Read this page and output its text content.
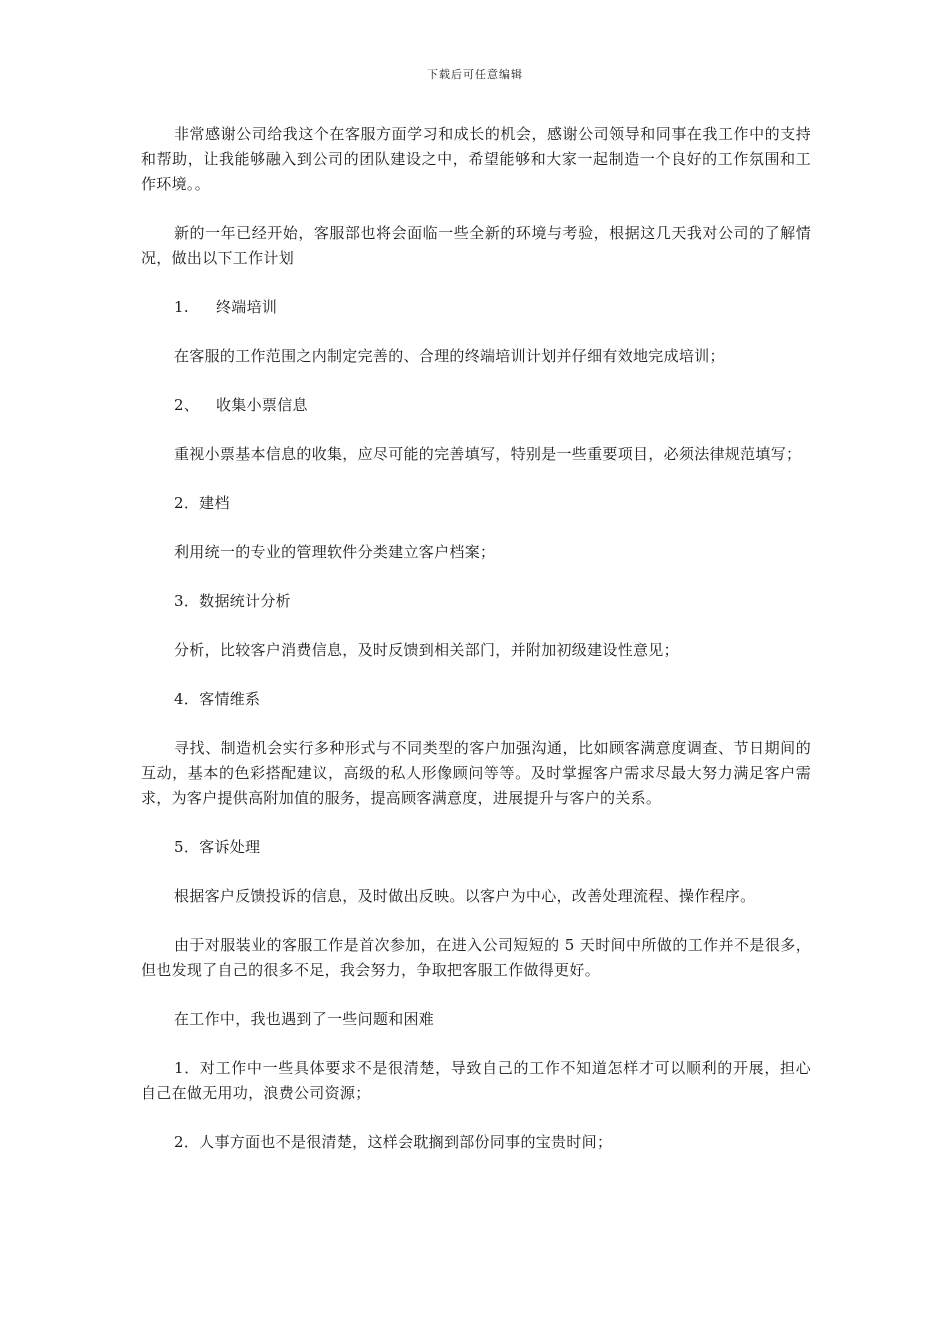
下载后可任意编辑

非常感谢公司给我这个在客服方面学习和成长的机会，感谢公司领导和同事在我工作中的支持和帮助，让我能够融入到公司的团队建设之中，希望能够和大家一起制造一个良好的工作氛围和工作环境。。

新的一年已经开始，客服部也将会面临一些全新的环境与考验，根据这几天我对公司的了解情况，做出以下工作计划

1. 终端培训

在客服的工作范围之内制定完善的、合理的终端培训计划并仔细有效地完成培训；

2、 收集小票信息

重视小票基本信息的收集，应尽可能的完善填写，特别是一些重要项目，必须法律规范填写；

2．建档

利用统一的专业的管理软件分类建立客户档案；

3．数据统计分析

分析，比较客户消费信息，及时反馈到相关部门，并附加初级建设性意见；

4．客情维系

寻找、制造机会实行多种形式与不同类型的客户加强沟通，比如顾客满意度调查、节日期间的互动，基本的色彩搭配建议，高级的私人形像顾问等等。及时掌握客户需求尽最大努力满足客户需求，为客户提供高附加值的服务，提高顾客满意度，进展提升与客户的关系。

5．客诉处理

根据客户反馈投诉的信息，及时做出反映。以客户为中心，改善处理流程、操作程序。

由于对服装业的客服工作是首次参加，在进入公司短短的 5 天时间中所做的工作并不是很多，但也发现了自己的很多不足，我会努力，争取把客服工作做得更好。

在工作中，我也遇到了一些问题和困难

1．对工作中一些具体要求不是很清楚，导致自己的工作不知道怎样才可以顺利的开展，担心自己在做无用功，浪费公司资源；

2．人事方面也不是很清楚，这样会耽搁到部份同事的宝贵时间；
